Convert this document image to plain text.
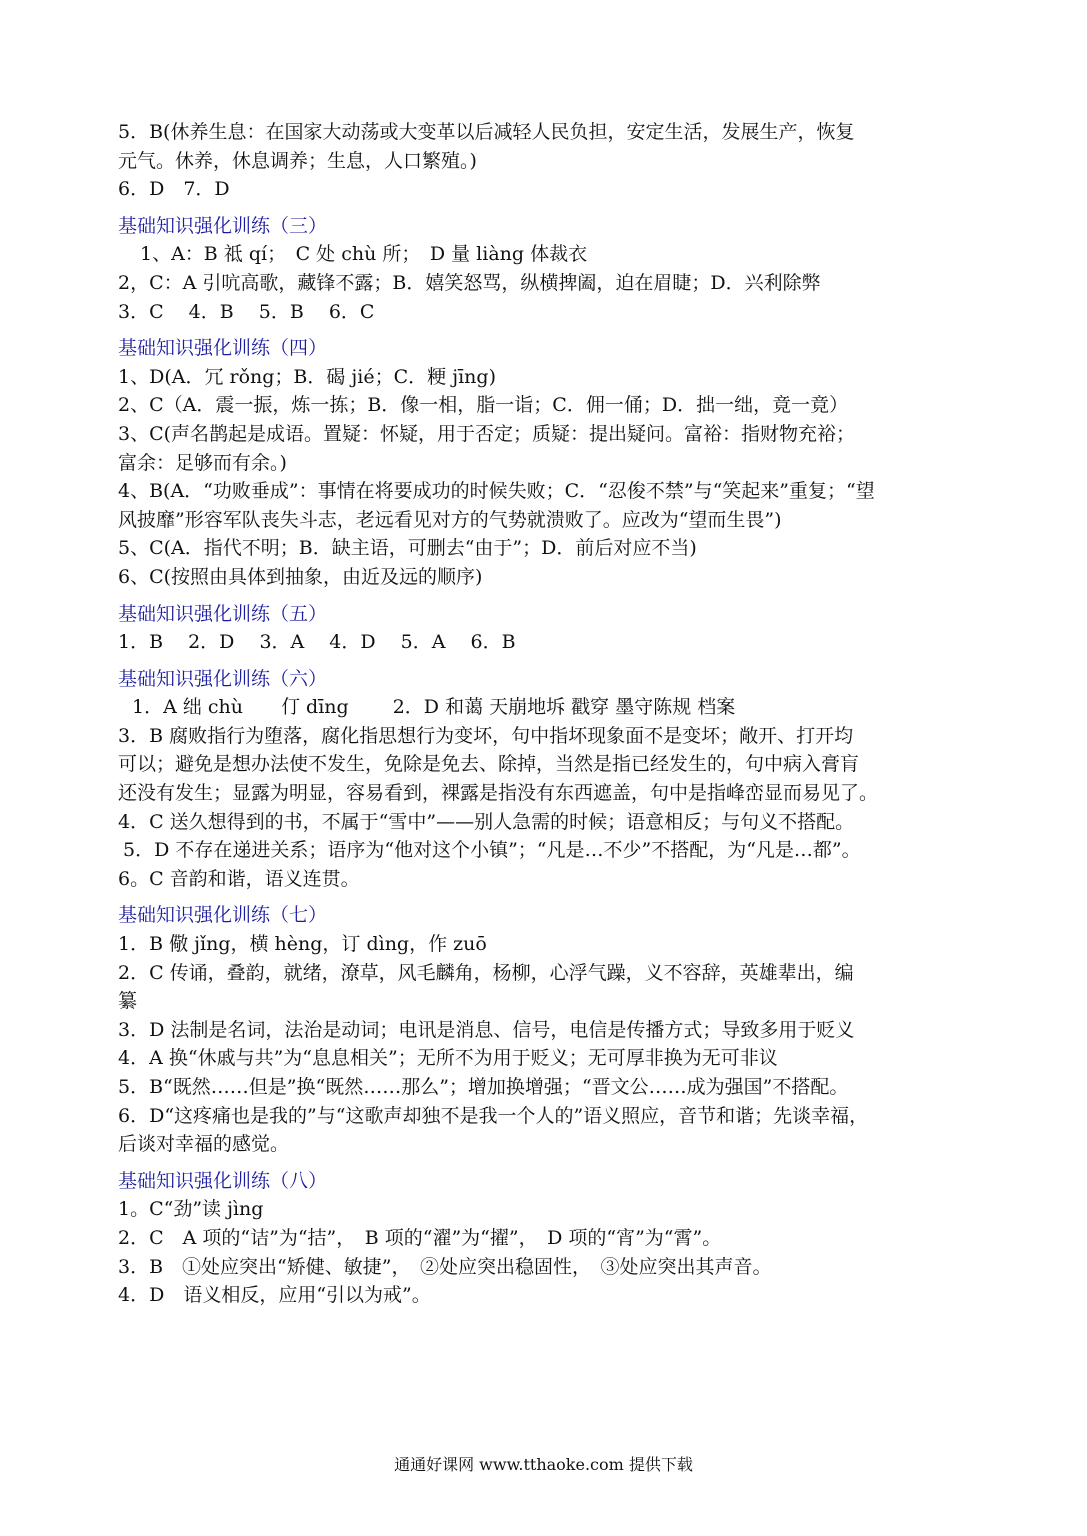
5．B(休养生息：在国家大动荡或大变革以后减轻人民负担，安定生活，发展生产，恢复
元气。休养，休息调养；生息，人口繁殖。)
6．D　7．D
基础知识强化训练（三）
1、A：B 祗 qí；　C 处 chù 所；　D 量 liàng 体裁衣
2，C：A 引吭高歌，藏锋不露；B．嬉笑怒骂，纵横捭阖，迫在眉睫；D．兴利除弊
3．C　 4．B　 5．B　 6．C
基础知识强化训练（四）
1、D(A．冗 rǒng；B．碣 jié；C．粳 jīng)
2、C（A．震一振，炼一拣；B．像一相，脂一诣；C．佣一俑；D．拙一绌，竟一竟）
3、C(声名鹊起是成语。置疑：怀疑，用于否定；质疑：提出疑问。富裕：指财物充裕；
富余：足够而有余。)
4、B(A．“功败垂成”：事情在将要成功的时候失败；C．“忍俊不禁”与“笑起来”重复；“望
风披靡”形容军队丧失斗志，老远看见对方的气势就溃败了。应改为“望而生畏”)
5、C(A．指代不明；B．缺主语，可删去“由于”；D．前后对应不当)
6、C(按照由具体到抽象，由近及远的顺序)
基础知识强化训练（五）
1．B　 2．D　 3．A　 4．D　 5．A　 6．B
基础知识强化训练（六）
1．A 绌 chù　　仃 dīng　　 2．D 和蔼 天崩地坼 戳穿 墨守陈规 档案
3．B 腐败指行为堕落，腐化指思想行为变坏，句中指坏现象面不是变坏；敞开、打开均
可以；避免是想办法使不发生，免除是免去、除掉，当然是指已经发生的，句中病入膏肓
还没有发生；显露为明显，容易看到，裸露是指没有东西遮盖，句中是指峰峦显而易见了。
4．C 送久想得到的书，不属于“雪中”——别人急需的时候；语意相反；与句义不搭配。
5．D 不存在递进关系；语序为“他对这个小镇”；“凡是…不少”不搭配，为“凡是…都”。
6。C 音韵和谐，语义连贯。
基础知识强化训练（七）
1．B 儆 jǐng，横 hèng，订 dìng，作 zuō
2．C 传诵，叠韵，就绪，潦草，风毛麟角，杨柳，心浮气躁，义不容辞，英雄辈出，编
纂
3．D 法制是名词，法治是动词；电讯是消息、信号，电信是传播方式；导致多用于贬义
4．A 换“休戚与共”为“息息相关”；无所不为用于贬义；无可厚非换为无可非议
5．B“既然……但是”换“既然……那么”；增加换增强；“晋文公……成为强国”不搭配。
6．D“这疼痛也是我的”与“这歌声却独不是我一个人的”语义照应，音节和谐；先谈幸福，
后谈对幸福的感觉。
基础知识强化训练（八）
1。C“劲”读 jìng
2．C　A 项的“诘”为“拮”，　B 项的“濯”为“擢”，　D 项的“宵”为“霄”。
3．B　①处应突出“矫健、敏捷”，　②处应突出稳固性，　③处应突出其声音。
4．D　语义相反，应用“引以为戒”。
通通好课网 www.tthaoke.com 提供下载
